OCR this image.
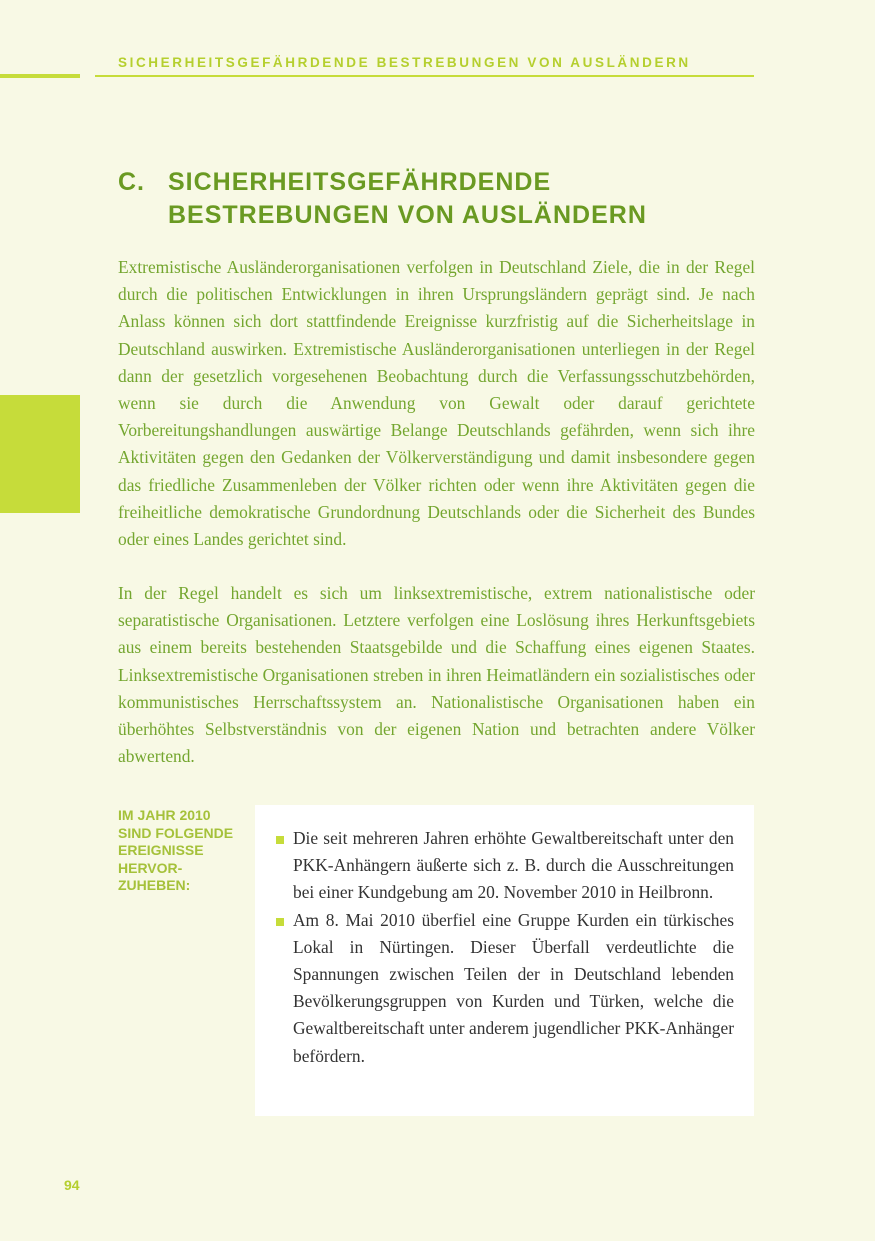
SICHERHEITSGEFÄHRDENDE BESTREBUNGEN VON AUSLÄNDERN

C. SICHERHEITSGEFÄHRDENDE BESTREBUNGEN VON AUSLÄNDERN

Extremistische Ausländerorganisationen verfolgen in Deutschland Ziele, die in der Regel durch die politischen Entwicklungen in ihren Ursprungsländern geprägt sind. Je nach Anlass können sich dort stattfindende Ereignisse kurzfristig auf die Sicherheitslage in Deutschland auswirken. Extremistische Ausländerorganisationen unterliegen in der Regel dann der gesetzlich vorgesehenen Beobachtung durch die Verfassungsschutzbehörden, wenn sie durch die Anwendung von Gewalt oder darauf gerichtete Vorbereitungshandlungen auswärtige Belange Deutschlands gefährden, wenn sich ihre Aktivitäten gegen den Gedanken der Völkerverständigung und damit insbesondere gegen das friedliche Zusammenleben der Völker richten oder wenn ihre Aktivitäten gegen die freiheitliche demokratische Grundordnung Deutschlands oder die Sicherheit des Bundes oder eines Landes gerichtet sind.

In der Regel handelt es sich um linksextremistische, extrem nationalistische oder separatistische Organisationen. Letztere verfolgen eine Loslösung ihres Herkunftsgebiets aus einem bereits bestehenden Staatsgebilde und die Schaffung eines eigenen Staates. Linksextremistische Organisationen streben in ihren Heimatländern ein sozialistisches oder kommunistisches Herrschaftssystem an. Nationalistische Organisationen haben ein überhöhtes Selbstverständnis von der eigenen Nation und betrachten andere Völker abwertend.

IM JAHR 2010 SIND FOLGENDE EREIGNISSE HERVOR-
ZUHEBEN:

Die seit mehreren Jahren erhöhte Gewaltbereitschaft unter den PKK-Anhängern äußerte sich z. B. durch die Ausschreitungen bei einer Kundgebung am 20. November 2010 in Heilbronn.
Am 8. Mai 2010 überfiel eine Gruppe Kurden ein türkisches Lokal in Nürtingen. Dieser Überfall verdeutlichte die Spannungen zwischen Teilen der in Deutschland lebenden Bevölkerungsgruppen von Kurden und Türken, welche die Gewaltbereitschaft unter anderem jugendlicher PKK-Anhänger befördern.

94
